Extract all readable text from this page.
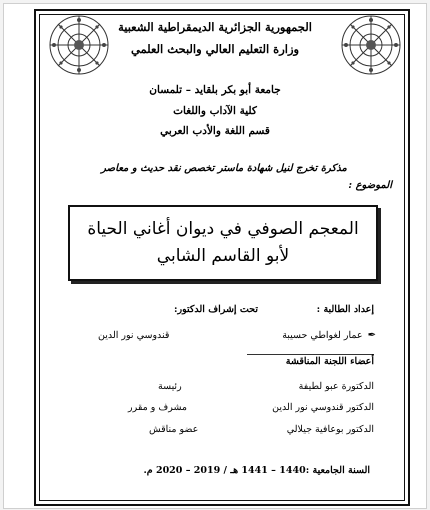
الجمهورية الجزائرية الديمقراطية الشعبية
وزارة التعليم العالي والبحث العلمي
جامعة أبو بكر بلقايد – تلمسان
كلية الآداب واللغات
قسم اللغة والأدب العربي
مذكرة تخرج لنيل شهادة ماستر تخصص نقد حديث و معاصر
الموضوع :
المعجم الصوفي في ديوان أغاني الحياة
لأبو القاسم الشابي
إعداد الطالبة :
تحت إشراف الدكتور:
✒ عمار لغواطي حسيبة
قندوسي نور الدين
أعضاء اللجنة المناقشة
الدكتورة عبو لطيفة
رئيسة
الدكتور قندوسي نور الدين
مشرف و مقرر
الدكتور بوعافية جيلالي
عضو مناقش
السنة الجامعية :1440 – 1441 هـ / 2019 – 2020 م.
